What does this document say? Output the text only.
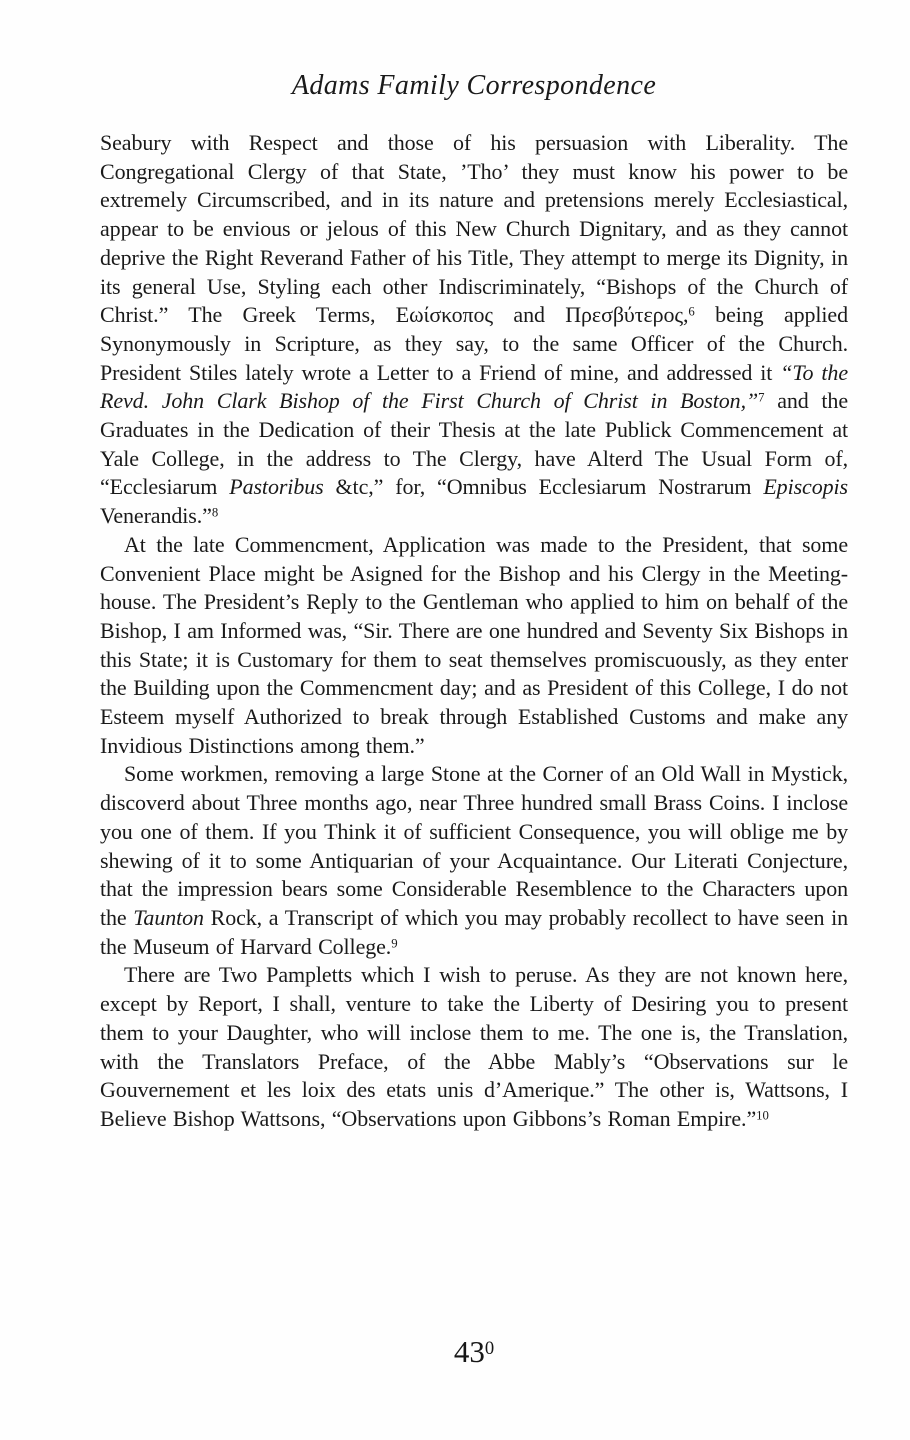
Adams Family Correspondence

Seabury with Respect and those of his persuasion with Liberality. The Congregational Clergy of that State, ’Tho’ they must know his power to be extremely Circumscribed, and in its nature and pretensions merely Ecclesiastical, appear to be envious or jelous of this New Church Dignitary, and as they cannot deprive the Right Reverand Father of his Title, They attempt to merge its Dignity, in its general Use, Styling each other Indiscriminately, “Bishops of the Church of Christ.” The Greek Terms, Εωίσκοπος and Πρεσβύτερος,$^6$ being applied Synonymously in Scripture, as they say, to the same Officer of the Church. President Stiles lately wrote a Letter to a Friend of mine, and addressed it “To the Revd. John Clark Bishop of the First Church of Christ in Boston,”$^7$ and the Graduates in the Dedication of their Thesis at the late Publick Commencement at Yale College, in the address to The Clergy, have Alterd The Usual Form of, “Ecclesiarum Pastoribus &tc,” for, “Omnibus Ecclesiarum Nostrarum Episcopis Venerandis.”$^8$

At the late Commencment, Application was made to the President, that some Convenient Place might be Asigned for the Bishop and his Clergy in the Meeting-house. The President’s Reply to the Gentleman who applied to him on behalf of the Bishop, I am Informed was, “Sir. There are one hundred and Seventy Six Bishops in this State; it is Customary for them to seat themselves promiscuously, as they enter the Building upon the Commencment day; and as President of this College, I do not Esteem myself Authorized to break through Established Customs and make any Invidious Distinctions among them.”

Some workmen, removing a large Stone at the Corner of an Old Wall in Mystick, discoverd about Three months ago, near Three hundred small Brass Coins. I inclose you one of them. If you Think it of sufficient Consequence, you will oblige me by shewing of it to some Antiquarian of your Acquaintance. Our Literati Conjecture, that the impression bears some Considerable Resemblence to the Characters upon the Taunton Rock, a Transcript of which you may probably recollect to have seen in the Museum of Harvard College.$^9$

There are Two Pampletts which I wish to peruse. As they are not known here, except by Report, I shall, venture to take the Liberty of Desiring you to present them to your Daughter, who will inclose them to me. The one is, the Translation, with the Translators Preface, of the Abbe Mably’s “Observations sur le Gouvernement et les loix des etats unis d’Amerique.” The other is, Wattsons, I Believe Bishop Wattsons, “Observations upon Gibbons’s Roman Empire.”$^{10}$

$43^0$
